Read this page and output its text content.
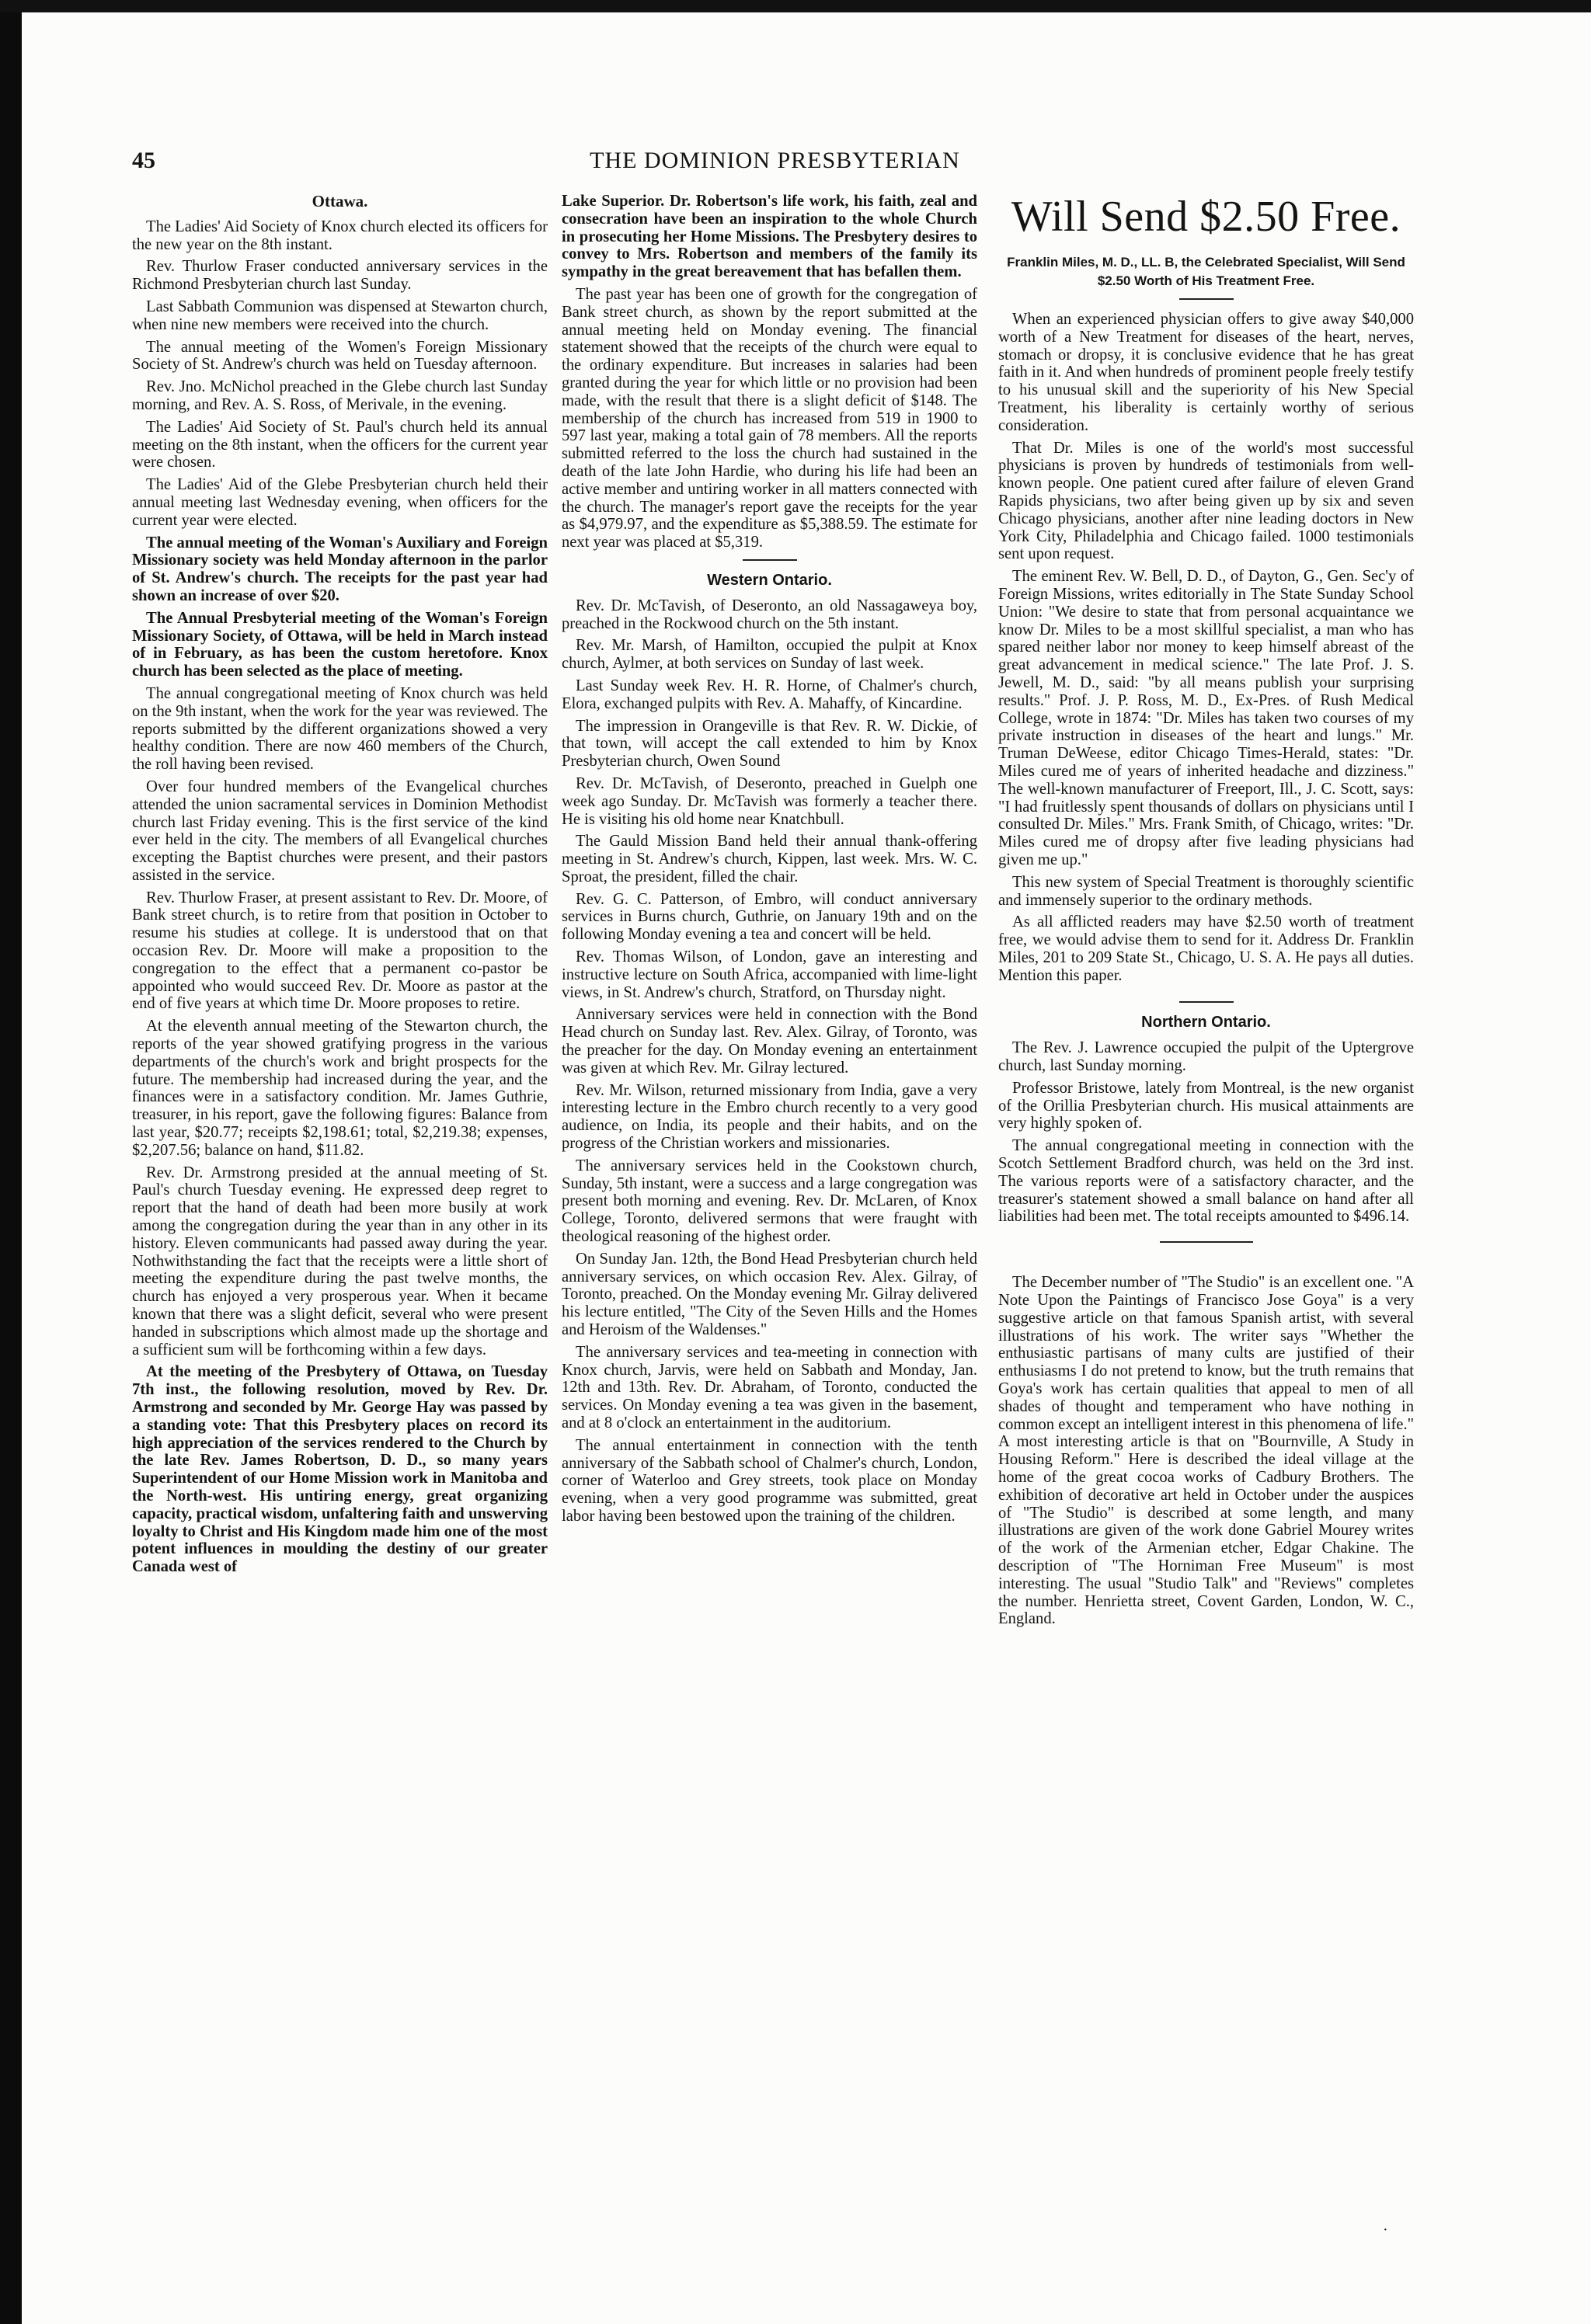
45	THE DOMINION PRESBYTERIAN
Ottawa.

The Ladies' Aid Society of Knox church elected its officers for the new year on the 8th instant.

Rev. Thurlow Fraser conducted anniversary services in the Richmond Presbyterian church last Sunday.

Last Sabbath Communion was dispensed at Stewarton church, when nine new members were received into the church.

The annual meeting of the Women's Foreign Missionary Society of St. Andrew's church was held on Tuesday afternoon.

Rev. Jno. McNichol preached in the Glebe church last Sunday morning, and Rev. A. S. Ross, of Merivale, in the evening.

The Ladies' Aid Society of St. Paul's church held its annual meeting on the 8th instant, when the officers for the current year were chosen.

The Ladies' Aid of the Glebe Presbyterian church held their annual meeting last Wednesday evening, when officers for the current year were elected.

The annual meeting of the Woman's Auxiliary and Foreign Missionary society was held Monday afternoon in the parlor of St. Andrew's church. The receipts for the past year had shown an increase of over $20.

The Annual Presbyterial meeting of the Woman's Foreign Missionary Society, of Ottawa, will be held in March instead of in February, as has been the custom heretofore. Knox church has been selected as the place of meeting.

The annual congregational meeting of Knox church was held on the 9th instant, when the work for the year was reviewed. The reports submitted by the different organizations showed a very healthy condition. There are now 460 members of the Church, the roll having been revised.

Over four hundred members of the Evangelical churches attended the union sacramental services in Dominion Methodist church last Friday evening. This is the first service of the kind ever held in the city. The members of all Evangelical churches excepting the Baptist churches were present, and their pastors assisted in the service.

Rev. Thurlow Fraser, at present assistant to Rev. Dr. Moore, of Bank street church, is to retire from that position in October to resume his studies at college. It is understood that on that occasion Rev. Dr. Moore will make a proposition to the congregation to the effect that a permanent co-pastor be appointed who would succeed Rev. Dr. Moore as pastor at the end of five years at which time Dr. Moore proposes to retire.

At the eleventh annual meeting of the Stewarton church, the reports of the year showed gratifying progress in the various departments of the church's work and bright prospects for the future. The membership had increased during the year, and the finances were in a satisfactory condition. Mr. James Guthrie, treasurer, in his report, gave the following figures: Balance from last year, $20.77; receipts $2,198.61; total, $2,219.38; expenses, $2,207.56; balance on hand, $11.82.

Rev. Dr. Armstrong presided at the annual meeting of St. Paul's church Tuesday evening. He expressed deep regret to report that the hand of death had been more busily at work among the congregation during the year than in any other in its history. Eleven communicants had passed away during the year. Nothwithstanding the fact that the receipts were a little short of meeting the expenditure during the past twelve months, the church has enjoyed a very prosperous year. When it became known that there was a slight deficit, several who were present handed in subscriptions which almost made up the shortage and a sufficient sum will be forthcoming within a few days.

At the meeting of the Presbytery of Ottawa, on Tuesday 7th inst., the following resolution, moved by Rev. Dr. Armstrong and seconded by Mr. George Hay was passed by a standing vote: That this Presbytery places on record its high appreciation of the services rendered to the Church by the late Rev. James Robertson, D. D., so many years Superintendent of our Home Mission work in Manitoba and the North-west. His untiring energy, great organizing capacity, practical wisdom, unfaltering faith and unswerving loyalty to Christ and His Kingdom made him one of the most potent influences in moulding the destiny of our greater Canada west of

Lake Superior. Dr. Robertson's life work, his faith, zeal and consecration have been an inspiration to the whole Church in prosecuting her Home Missions. The Presbytery desires to convey to Mrs. Robertson and members of the family its sympathy in the great bereavement that has befallen them.

The past year has been one of growth for the congregation of Bank street church, as shown by the report submitted at the annual meeting held on Monday evening. The financial statement showed that the receipts of the church were equal to the ordinary expenditure. But increases in salaries had been granted during the year for which little or no provision had been made, with the result that there is a slight deficit of $148. The membership of the church has increased from 519 in 1900 to 597 last year, making a total gain of 78 members. All the reports submitted referred to the loss the church had sustained in the death of the late John Hardie, who during his life had been an active member and untiring worker in all matters connected with the church. The manager's report gave the receipts for the year as $4,979.97, and the expenditure as $5,388.59. The estimate for next year was placed at $5,319.

Western Ontario.

Rev. Dr. McTavish, of Deseronto, an old Nassagaweya boy, preached in the Rockwood church on the 5th instant.

Rev. Mr. Marsh, of Hamilton, occupied the pulpit at Knox church, Aylmer, at both services on Sunday of last week.

Last Sunday week Rev. H. R. Horne, of Chalmer's church, Elora, exchanged pulpits with Rev. A. Mahaffy, of Kincardine.

The impression in Orangeville is that Rev. R. W. Dickie, of that town, will accept the call extended to him by Knox Presbyterian church, Owen Sound

Rev. Dr. McTavish, of Deseronto, preached in Guelph one week ago Sunday. Dr. McTavish was formerly a teacher there. He is visiting his old home near Knatchbull.

The Gauld Mission Band held their annual thank-offering meeting in St. Andrew's church, Kippen, last week. Mrs. W. C. Sproat, the president, filled the chair.

Rev. G. C. Patterson, of Embro, will conduct anniversary services in Burns church, Guthrie, on January 19th and on the following Monday evening a tea and concert will be held.

Rev. Thomas Wilson, of London, gave an interesting and instructive lecture on South Africa, accompanied with lime-light views, in St. Andrew's church, Stratford, on Thursday night.

Anniversary services were held in connection with the Bond Head church on Sunday last. Rev. Alex. Gilray, of Toronto, was the preacher for the day. On Monday evening an entertainment was given at which Rev. Mr. Gilray lectured.

Rev. Mr. Wilson, returned missionary from India, gave a very interesting lecture in the Embro church recently to a very good audience, on India, its people and their habits, and on the progress of the Christian workers and missionaries.

The anniversary services held in the Cookstown church, Sunday, 5th instant, were a success and a large congregation was present both morning and evening. Rev. Dr. McLaren, of Knox College, Toronto, delivered sermons that were fraught with theological reasoning of the highest order.

On Sunday Jan. 12th, the Bond Head Presbyterian church held anniversary services, on which occasion Rev. Alex. Gilray, of Toronto, preached. On the Monday evening Mr. Gilray delivered his lecture entitled, "The City of the Seven Hills and the Homes and Heroism of the Waldenses."

The anniversary services and tea-meeting in connection with Knox church, Jarvis, were held on Sabbath and Monday, Jan. 12th and 13th. Rev. Dr. Abraham, of Toronto, conducted the services. On Monday evening a tea was given in the basement, and at 8 o'clock an entertainment in the auditorium.

The annual entertainment in connection with the tenth anniversary of the Sabbath school of Chalmer's church, London, corner of Waterloo and Grey streets, took place on Monday evening, when a very good programme was submitted, great labor having been bestowed upon the training of the children.

Will Send $2.50 Free.
Franklin Miles, M. D., LL. B, the Celebrated Specialist, Will Send $2.50 Worth of His Treatment Free.

When an experienced physician offers to give away $40,000 worth of a New Treatment for diseases of the heart, nerves, stomach or dropsy, it is conclusive evidence that he has great faith in it. And when hundreds of prominent people freely testify to his unusual skill and the superiority of his New Special Treatment, his liberality is certainly worthy of serious consideration.

That Dr. Miles is one of the world's most successful physicians is proven by hundreds of testimonials from well-known people. One patient cured after failure of eleven Grand Rapids physicians, two after being given up by six and seven Chicago physicians, another after nine leading doctors in New York City, Philadelphia and Chicago failed. 1000 testimonials sent upon request.

The eminent Rev. W. Bell, D. D., of Dayton, G., Gen. Sec'y of Foreign Missions, writes editorially in The State Sunday School Union: "We desire to state that from personal acquaintance we know Dr. Miles to be a most skillful specialist, a man who has spared neither labor nor money to keep himself abreast of the great advancement in medical science." The late Prof. J. S. Jewell, M. D., said: "by all means publish your surprising results." Prof. J. P. Ross, M. D., Ex-Pres. of Rush Medical College, wrote in 1874: "Dr. Miles has taken two courses of my private instruction in diseases of the heart and lungs." Mr. Truman DeWeese, editor Chicago Times-Herald, states: "Dr. Miles cured me of years of inherited headache and dizziness." The well-known manufacturer of Freeport, Ill., J. C. Scott, says: "I had fruitlessly spent thousands of dollars on physicians until I consulted Dr. Miles." Mrs. Frank Smith, of Chicago, writes: "Dr. Miles cured me of dropsy after five leading physicians had given me up."

This new system of Special Treatment is thoroughly scientific and immensely superior to the ordinary methods.

As all afflicted readers may have $2.50 worth of treatment free, we would advise them to send for it. Address Dr. Franklin Miles, 201 to 209 State St., Chicago, U. S. A. He pays all duties. Mention this paper.

Northern Ontario.

The Rev. J. Lawrence occupied the pulpit of the Uptergrove church, last Sunday morning.

Professor Bristowe, lately from Montreal, is the new organist of the Orillia Presbyterian church. His musical attainments are very highly spoken of.

The annual congregational meeting in connection with the Scotch Settlement Bradford church, was held on the 3rd inst. The various reports were of a satisfactory character, and the treasurer's statement showed a small balance on hand after all liabilities had been met. The total receipts amounted to $496.14.

The December number of "The Studio" is an excellent one. "A Note Upon the Paintings of Francisco Jose Goya" is a very suggestive article on that famous Spanish artist, with several illustrations of his work. The writer says "Whether the enthusiastic partisans of many cults are justified of their enthusiasms I do not pretend to know, but the truth remains that Goya's work has certain qualities that appeal to men of all shades of thought and temperament who have nothing in common except an intelligent interest in this phenomena of life." A most interesting article is that on "Bournville, A Study in Housing Reform." Here is described the ideal village at the home of the great cocoa works of Cadbury Brothers. The exhibition of decorative art held in October under the auspices of "The Studio" is described at some length, and many illustrations are given of the work done Gabriel Mourey writes of the work of the Armenian etcher, Edgar Chakine. The description of "The Horniman Free Museum" is most interesting. The usual "Studio Talk" and "Reviews" completes the number. Henrietta street, Covent Garden, London, W. C., England.

·
